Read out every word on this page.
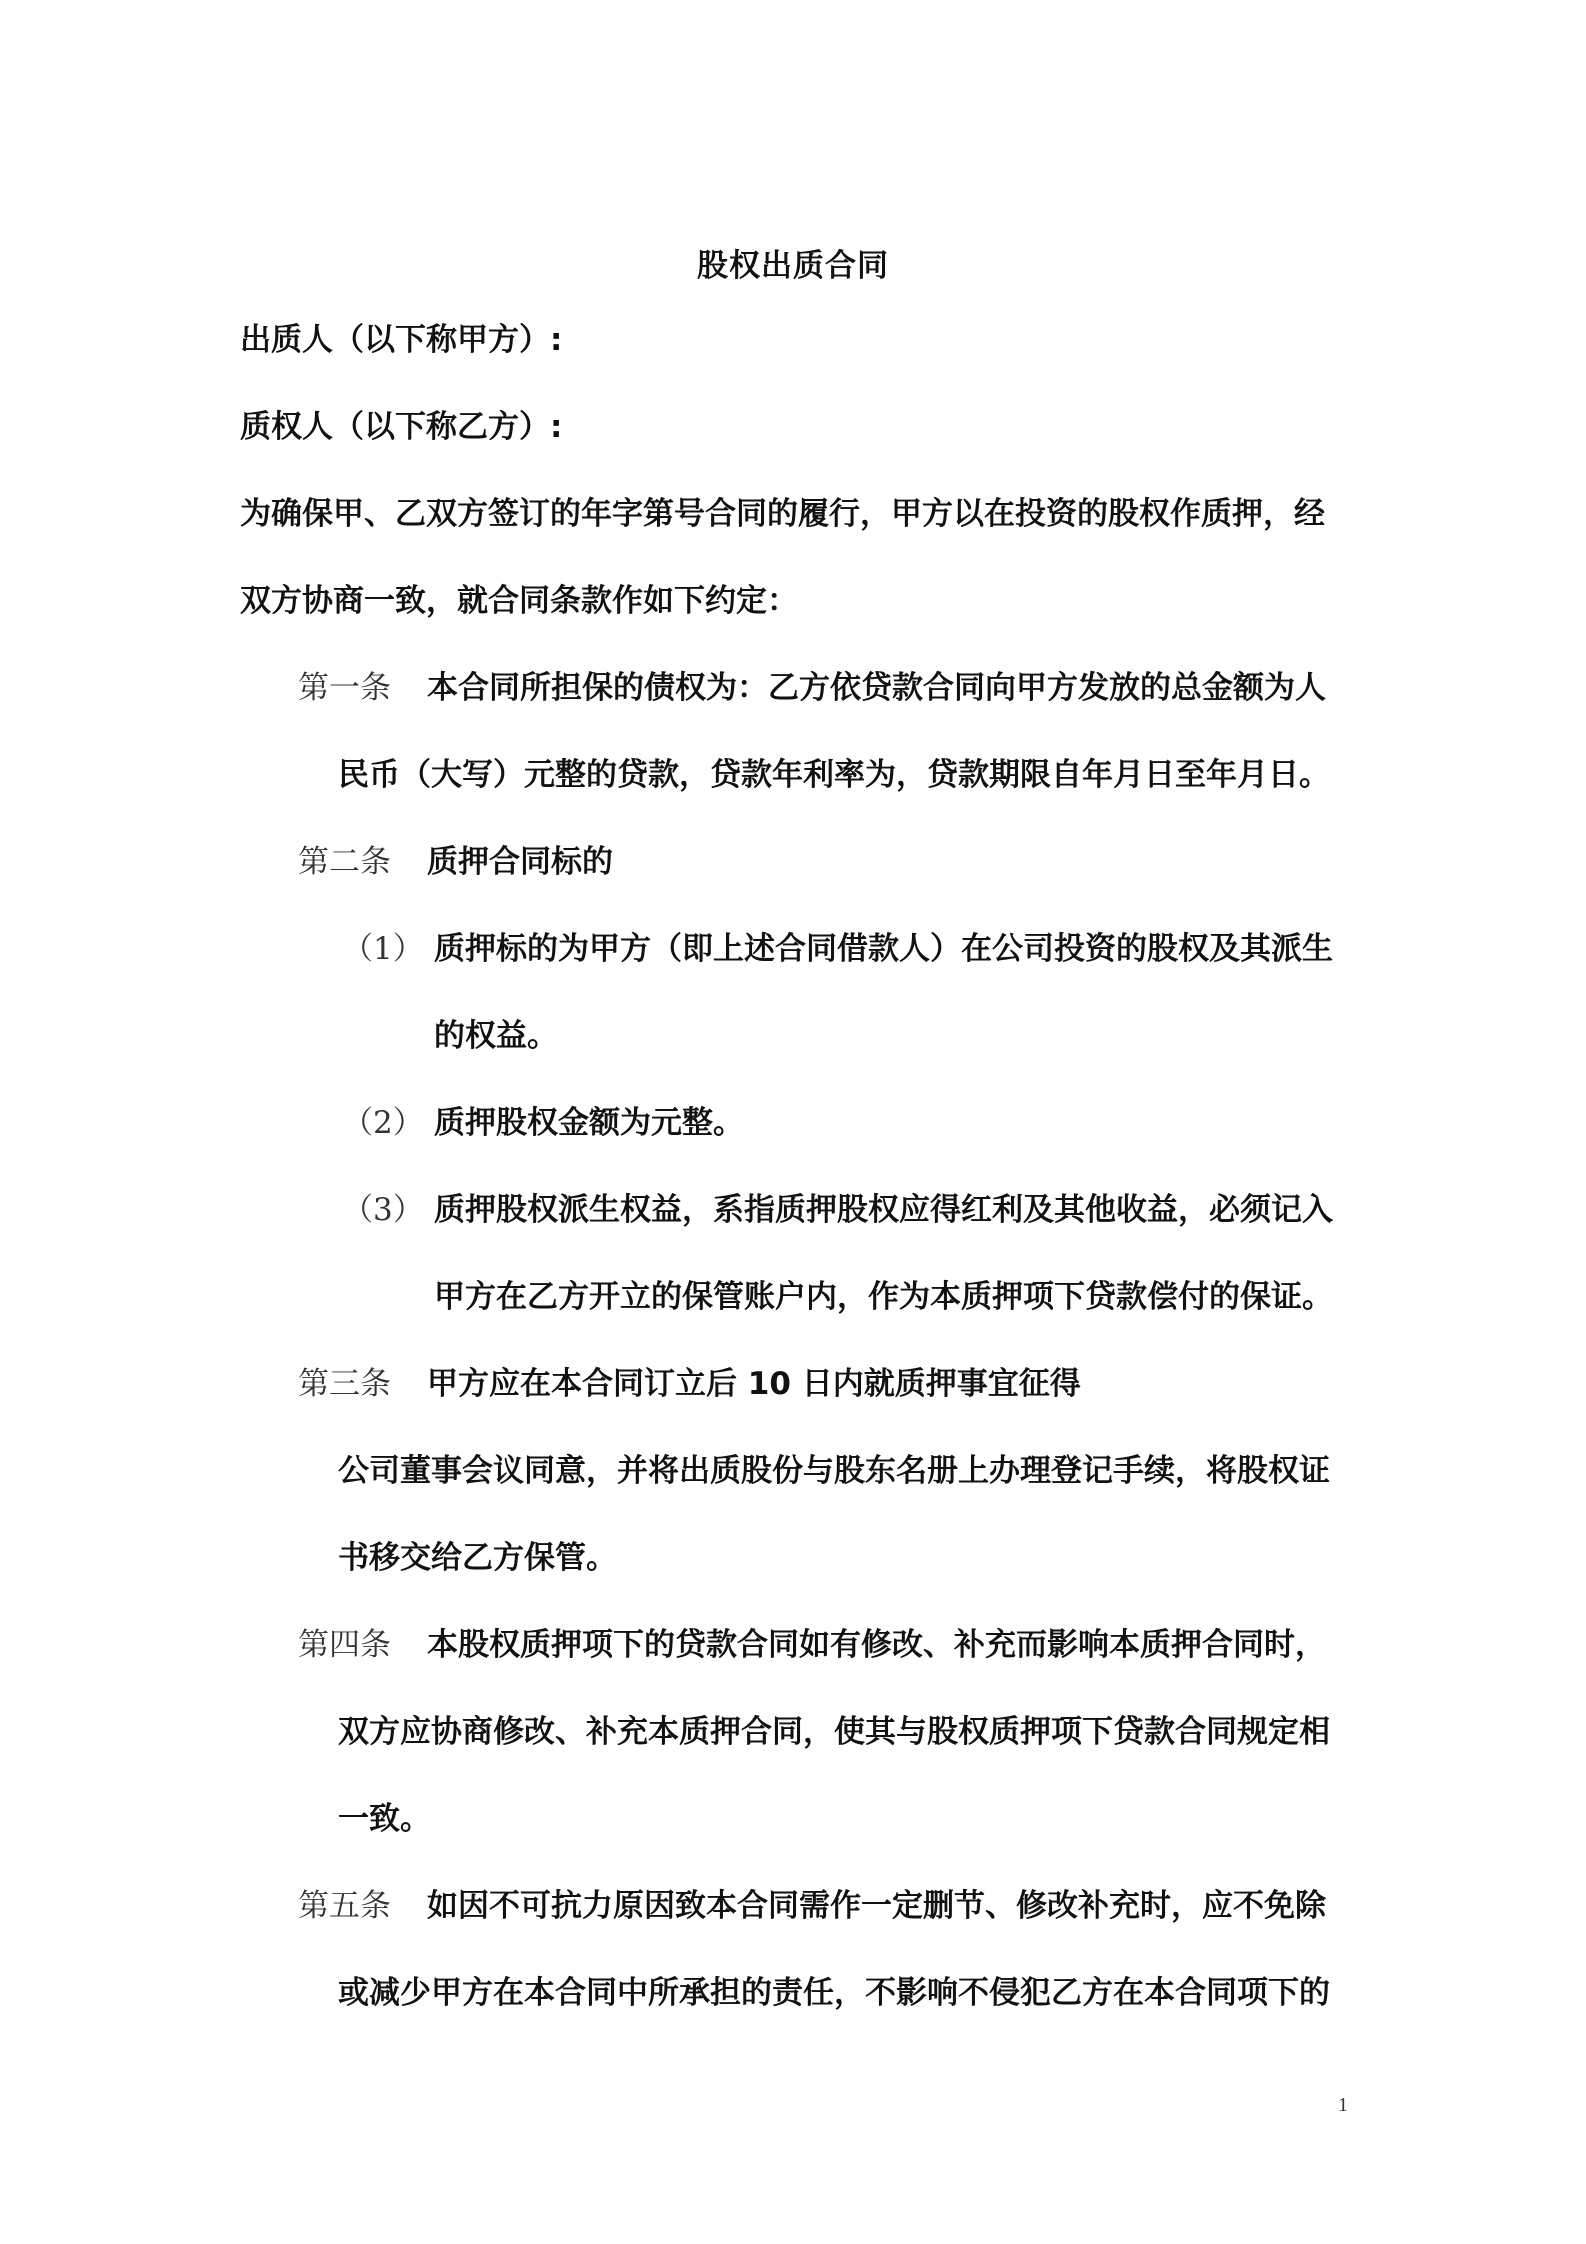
股权出质合同
出质人（以下称甲方）:
质权人（以下称乙方）:
为确保甲、乙双方签订的年字第号合同的履行，甲方以在投资的股权作质押，经
双方协商一致，就合同条款作如下约定：
第一条 本合同所担保的债权为：乙方依贷款合同向甲方发放的总金额为人
民币（大写）元整的贷款，贷款年利率为，贷款期限自年月日至年月日。
第二条 质押合同标的
（1） 质押标的为甲方（即上述合同借款人）在公司投资的股权及其派生
的权益。
（2） 质押股权金额为元整。
（3） 质押股权派生权益，系指质押股权应得红利及其他收益，必须记入
甲方在乙方开立的保管账户内，作为本质押项下贷款偿付的保证。
第三条 甲方应在本合同订立后 10 日内就质押事宜征得
公司董事会议同意，并将出质股份与股东名册上办理登记手续，将股权证
书移交给乙方保管。
第四条 本股权质押项下的贷款合同如有修改、补充而影响本质押合同时，
双方应协商修改、补充本质押合同，使其与股权质押项下贷款合同规定相
一致。
第五条 如因不可抗力原因致本合同需作一定删节、修改补充时，应不免除
或减少甲方在本合同中所承担的责任，不影响不侵犯乙方在本合同项下的
1
